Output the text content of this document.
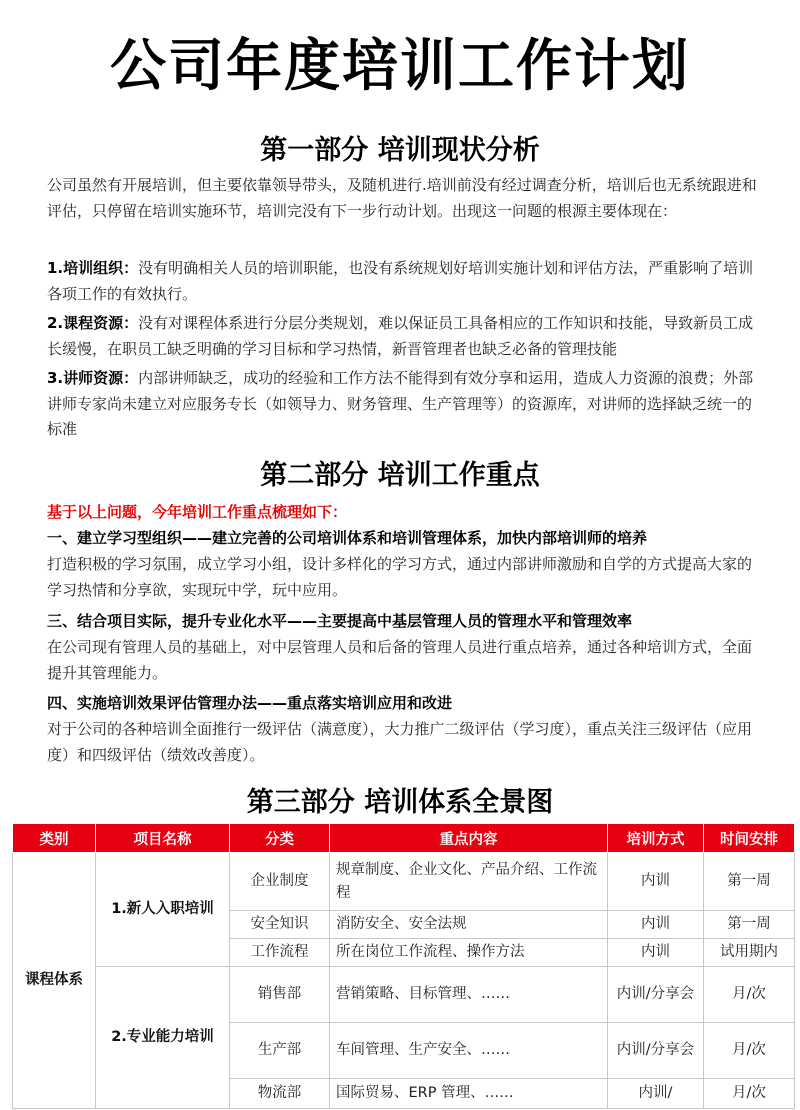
公司年度培训工作计划
第一部分 培训现状分析
公司虽然有开展培训，但主要依靠领导带头，及随机进行.培训前没有经过调查分析，培训后也无系统跟进和评估，只停留在培训实施环节，培训完没有下一步行动计划。出现这一问题的根源主要体现在：
1.培训组织：没有明确相关人员的培训职能，也没有系统规划好培训实施计划和评估方法，严重影响了培训各项工作的有效执行。
2.课程资源：没有对课程体系进行分层分类规划，难以保证员工具备相应的工作知识和技能，导致新员工成长缓慢，在职员工缺乏明确的学习目标和学习热情，新晋管理者也缺乏必备的管理技能
3.讲师资源：内部讲师缺乏，成功的经验和工作方法不能得到有效分享和运用，造成人力资源的浪费；外部讲师专家尚未建立对应服务专长（如领导力、财务管理、生产管理等）的资源库，对讲师的选择缺乏统一的标准
第二部分 培训工作重点
基于以上问题，今年培训工作重点梳理如下：
一、建立学习型组织——建立完善的公司培训体系和培训管理体系，加快内部培训师的培养
打造积极的学习氛围，成立学习小组，设计多样化的学习方式，通过内部讲师激励和自学的方式提高大家的学习热情和分享欲，实现玩中学，玩中应用。
三、结合项目实际，提升专业化水平——主要提高中基层管理人员的管理水平和管理效率
在公司现有管理人员的基础上，对中层管理人员和后备的管理人员进行重点培养，通过各种培训方式，全面提升其管理能力。
四、实施培训效果评估管理办法——重点落实培训应用和改进
对于公司的各种培训全面推行一级评估（满意度），大力推广二级评估（学习度），重点关注三级评估（应用度）和四级评估（绩效改善度）。
第三部分 培训体系全景图
类别	项目名称	分类	重点内容	培训方式	时间安排
课程体系	1.新人入职培训	企业制度	规章制度、企业文化、产品介绍、工作流程	内训	第一周
		安全知识	消防安全、安全法规	内训	第一周
		工作流程	所在岗位工作流程、操作方法	内训	试用期内
	2.专业能力培训	销售部	营销策略、目标管理、……	内训/分享会	月/次
		生产部	车间管理、生产安全、……	内训/分享会	月/次
		物流部	国际贸易、ERP 管理、……	内训/	月/次
